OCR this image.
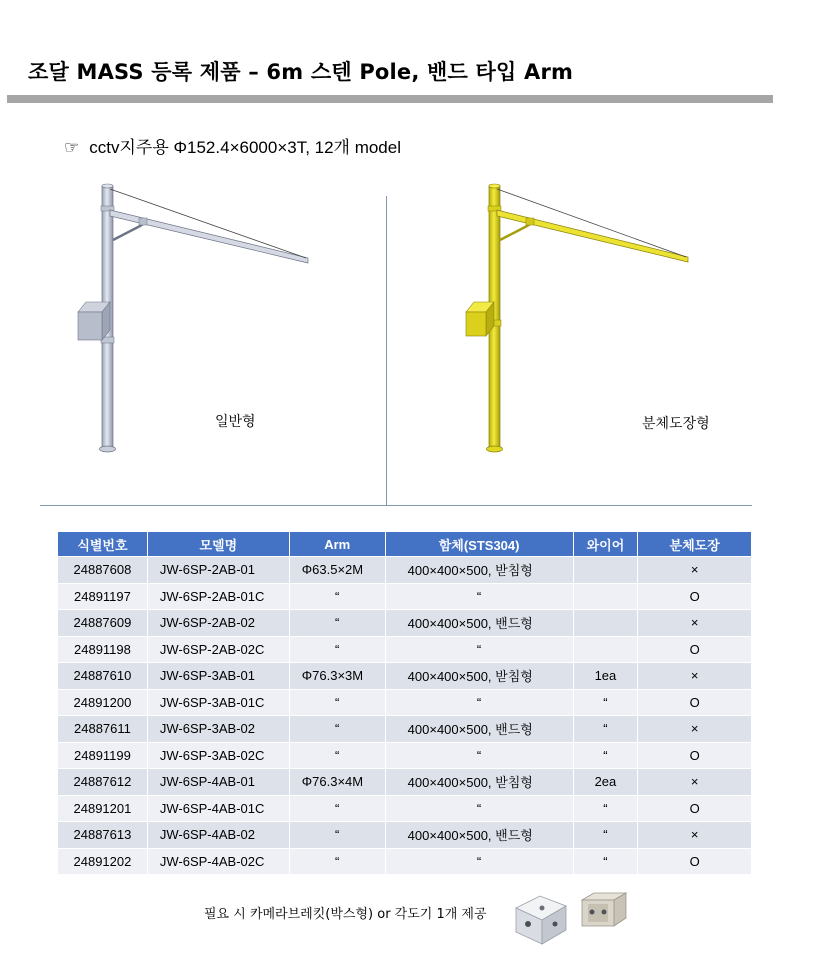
조달 MASS 등록 제품 – 6m 스텐 Pole, 밴드 타입 Arm
☞ cctv지주용 Φ152.4×6000×3T, 12개 model
일반형	분체도장형
식별번호	모델명	Arm	함체(STS304)	와이어	분체도장
24887608	JW-6SP-2AB-01	Φ63.5×2M	400×400×500, 받침형		×
24891197	JW-6SP-2AB-01C	“	“		O
24887609	JW-6SP-2AB-02	“	400×400×500, 밴드형		×
24891198	JW-6SP-2AB-02C	“	“		O
24887610	JW-6SP-3AB-01	Φ76.3×3M	400×400×500, 받침형	1ea	×
24891200	JW-6SP-3AB-01C	“	“	“	O
24887611	JW-6SP-3AB-02	“	400×400×500, 밴드형	“	×
24891199	JW-6SP-3AB-02C	“	“	“	O
24887612	JW-6SP-4AB-01	Φ76.3×4M	400×400×500, 받침형	2ea	×
24891201	JW-6SP-4AB-01C	“	“	“	O
24887613	JW-6SP-4AB-02	“	400×400×500, 밴드형	“	×
24891202	JW-6SP-4AB-02C	“	“	“	O
필요 시 카메라브레킷(박스형) or 각도기 1개 제공
